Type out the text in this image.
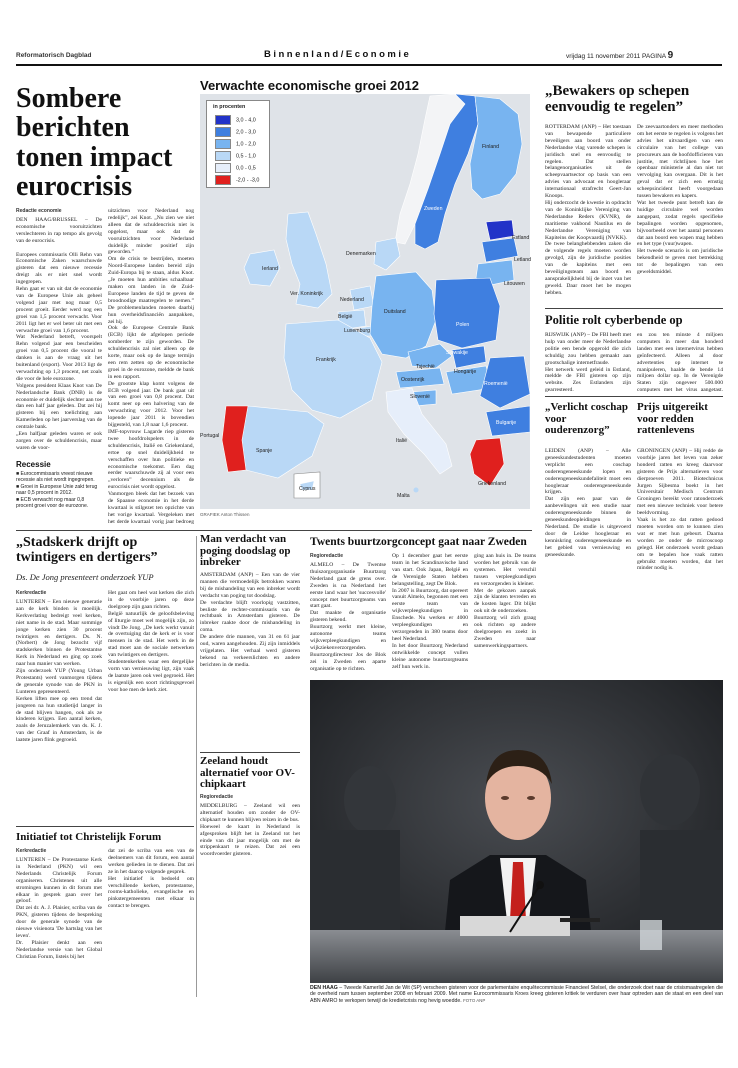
Reformatorisch Dagblad	Binnenland/Economie	vrijdag 11 november 2011 PAGINA 9
Sombere berichten tonen impact eurocrisis
Redactie economie
DEN HAAG/BRUSSEL – De economische vooruitzichten verslechteren in rap tempo als gevolg van de eurocrisis.

Europees commissaris Olli Rehn van Economische Zaken waarschuwde gisteren dat een nieuwe recessie dreigt als er niet snel wordt ingegrepen.
Rehn gaat er van uit dat de economie van de Europese Unie als geheel volgend jaar met nog maar 0,5 procent groeit. Eerder werd nog een groei van 1,5 procent verwacht. Voor 2011 ligt het er wel beter uit met een verwachte groei van 1,6 procent.
Wat Nederland betreft, voorspelt Rehn volgend jaar een bescheiden groei van 0,5 procent die vooral te danken is aan de vraag uit het buitenland (export). Voor 2013 ligt de verwachting op 1,3 procent, net zoals die voor de hele eurozone.
Volgens president Klaas Knot van De Nederlandsche Bank (DNB) is de economie er duidelijk slechter aan toe dan een half jaar geleden. Dat zei hij gisteren bij een toelichting aan Kamerleden op het jaarverslag van de centrale bank.
„Een halfjaar geleden waren er ook zorgen over de schuldencrisis, maar waren de voor-
uitzichten voor Nederland nog redelijk”, zei Knot. „Nu zien we niet alleen dat de schuldencrisis niet is opgelost, maar ook dat de vooruitzichten voor Nederland duidelijk minder positief zijn geworden.”
Om de crisis te bestrijden, moeten Noord-Europese landen bereid zijn Zuid-Europa bij te staan, aldus Knot. „Je moeten hun ambities schaalbaar maken om landen in de Zuid-Europese landen de tijd te geven de broodnodige maatregelen te nemen.” De problemenlanden moeten daarbij hun overheidsfinanciën aanpakken, zei hij.
Ook de Europese Centrale Bank (ECB) lijkt de afgelopen periode somberder te zijn geworden. De schuldencrisis zal niet alleen op de korte, maar ook op de lange termijn een rem zetten op de economische groei in de eurozone, meldde de bank in een rapport.
De grootste klap komt volgens de ECB volgend jaar. De bank gaat uit van een groei van 0,8 procent. Dat komt neer op een halvering van de verwachting voor 2012. Voor het lopende jaar 2011 is bovendien bijgesteld, van 1,8 naar 1,6 procent.
IMF-topvrouw Lagarde riep gisteren twee hoofdrolspelers in de schuldencrisis, Italië en Griekenland, ertoe op snel duidelijkheid te verschaffen over hun politieke en economische toekomst. Een dag eerder waarschuwde zij al voor een „verloren” decennium als de eurocrisis niet wordt opgelost.
Vanmorgen bleek dat het bezoek van de Spaanse economie in het derde kwartaal is stilgezet ten opzichte van het vorige kwartaal. Vergeleken met het derde kwartaal vorig jaar bedroeg
Recessie
■ Eurocommissaris vreest nieuwe recessie als niet wordt ingegrepen.
■ Groei in Europese Unie zakt terug naar 0,5 procent in 2012.
■ ECB verwacht nog maar 0,8 procent groei voor de eurozone.
Verwachte economische groei 2012
in procenten
3,0 - 4,0
2,0 - 3,0
1,0 - 2,0
0,5 - 1,0
0,0 - 0,5
-2,0 - -3,0
Finland
Zweden
Estland
Letland
Denemarken
Litouwen
Ierland
Ver. Koninkrijk
Nederland
Duitsland
Polen
België
Luxemburg
Tsjechië
Slowakije
Frankrijk
Oostenrijk
Hongarije
Slovenië
Roemenië
Portugal
Spanje
Italië
Bulgarije
Griekenland
Cyprus
Malta
GRAFIEK Anton Thissen
„Bewakers op schepen eenvoudig te regelen”
ROTTERDAM (ANP) – Het toestaan van bewapende particuliere beveiligers aan boord van onder Nederlandse vlag varende schepen is juridisch snel en eenvoudig te regelen. Dat stellen belangenorganisaties uit de scheepvaartsector op basis van een advies van advocaat en hoogleraar internationaal strafrecht Geert-Jan Knoops.
Hij onderzocht de kwestie in opdracht van de Koninklijke Vereniging van Nederlandse Reders (KVNR), de maritieme vakbond Nautilus en de Nederlandse Vereniging van Kapiteins der Koopvaardij (NVKK).
De twee belanghebbenden zaken die de volgende regels moeten worden gevolgd, zijn de juridische posities van de kapiteins met een beveiligingsteam aan boord en aansprakelijkheid bij de inzet van het geweld. Daar moet het be mogen hebben.
De zeevaartonders en meer methoden om het eerste te regelen is volgens het advies het uitvaardigen van een circulaire van het college van procureurs aan de hoofdofficieren van justitie, met richtlijnen hoe het openbaar ministerie al dan niet tot vervolging kan overgaan. Dit is het geval dat er zich een ernstig scheepsincident heeft voorgedaan tussen bewakers en kapers.
Wat het tweede punt betreft kan de huidige circulaire wel worden aangepast, zodat regels specifieke bepalingen worden opgenomen, bijvoorbeeld over het aantal personen dat aan boord een wapen mag hebben en het type (vuur)wapen.
Het tweede scenario is om juridische bekendheid te geven met betrekking tot de bepalingen van een geweldsmiddel.
Politie rolt cyberbende op
RIJSWIJK (ANP) – De FBI heeft met hulp van onder meer de Nederlandse politie een bende opgerold die zich schuldig zou hebben gemaakt aan grootschalige internetfraude.
Het netwerk werd geleid in Estland, meldde de FBI gisteren op zijn website. Zes Estlanders zijn gearresteerd.

en zou ten minste 4 miljoen computers in meer dan honderd landen met een internetvirus hebben geïnfecteerd. Alleen al door advertenties op internet te manipuleren, haalde de bende 14 miljoen dollar op. In de Verenigde Staten zijn ongeveer 500.000 computers met het virus aangetast.
„Verlicht coschap voor ouderenzorg”
LEIDEN (ANP) – Alle geneeskundestudenten moeten verplicht een coschap ouderengeneeskunde lopen en ouderengeneeskundefaliteit moet een hoogleraar ouderengeneeskunde krijgen.
Dat zijn een paar van de aanbevelingen uit een studie naar ouderengeneeskunde binnen de geneeskundeopleidingen in Nederland. De studie is uitgevoerd door de Leidse hoogleraar en kenniskring ouderengeneeskunde en het gebied van vernieuwing en geneeskunde.
Prijs uitgereikt voor redden rattenlevens
GRONINGEN (ANP) – Hij redde de voorbije jaren het leven van zeker honderd ratten en kreeg daarvoor gisteren de Prijs alternatieven voor dierproeven 2011. Biotechnicus Jurgen Sijbesma boekt in het Universitair Medisch Centrum Groningen bereikt voor ratonderzoek met een nieuwe techniek voor betere beeldvorming.
Vaak is het zo dat ratten gedood moeten worden om te kunnen zien wat er met hun gebeurt. Daarna worden ze onder de microscoop gelegd. Het onderzoek wordt gedaan om te bepalen hoe vaak ratten gebruikt moeten worden, dat het minder nodig is.
„Stadskerk drijft op twintigers en dertigers”
Ds. De Jong presenteert onderzoek YUP
Kerkredactie
LUNTEREN – Een nieuwe generatie aan de kerk binden is moeilijk. Kerkverlating bedreigt veel kerken, niet name in de stad. Maar sommige jonge kerken zien 30 procent twintigers en dertigers. Ds. N. (Norbert) de Jong bezocht vijf stadskerken binnen de Protestantse Kerk in Nederland en ging op zoek naar hun manier van werken.
Zijn onderzoek YUP (Young Urban Protestants) werd vanmorgen tijdens de generale synode van de PKN in Lunteren gepresenteerd.
Kerken liften mee op een trend dat jongeren na hun studietijd langer in de stad blijven hangen, ook als ze kinderen krijgen. Een aantal kerken, zoals de Jeruzalemkerk van ds. K. J. van der Graaf in Amsterdam, is de laatste jaren flink gegroeid.
Het gaat om heel wat kerken die zich in de voorbije jaren op deze doelgroep zijn gaan richten.
België natuurlijk de geloofsbeleving of liturgie moet wel mogelijk zijn, zo vindt De Jong. „De kerk werkt vanuit de overtuiging dat de kerk er is voor mensen in de stad. Het werk in de stad moet aan de sociale netwerken van twintigers en dertigers.
Studentenkerken waar een dergelijke vorm van vernieuwing ligt, zijn vaak de laatste jaren ook veel gegroeid. Het is eigenlijk een soort richtingsgevoel voor hoe men de kerk ziet.
Initiatief tot Christelijk Forum
Kerkredactie
LUNTEREN – De Protestantse Kerk in Nederland (PKN) wil een Nederlands Christelijk Forum organiseren. Christenen uit alle stromingen kunnen in dit forum met elkaar in gesprek gaan over het geloof.
Dat zei dr. A. J. Plaisier, scriba van de PKN, gisteren tijdens de bespreking door de generale synode van de nieuwe visienota 'De hartslag van het leven'.
Dr. Plaisier denkt aan een Nederlandse versie van het Global Christian Forum, listeis bij het
dat zei de scriba van een van de deelnemers van dit forum, een aantal werken gelieden in te dienen. Dat zei ze in het daarop volgende gesprek.
Het initiatief is bedoeld om verschillende kerken, protestantse, rooms-katholieke, evangelische en pinkstergemeenten met elkaar in contact te brengen.
Man verdacht van poging doodslag op inbreker
AMSTERDAM (ANP) – Een van de vier mannen die vermoedelijk betrokken waren bij de mishandeling van een inbreker wordt verdacht van poging tot doodslag.
De verdachte blijft voorlopig vastzitten, besliste de rechter-commissaris van de rechtbank in Amsterdam gisteren. De inbreker raakte door de mishandeling in coma.
De andere drie mannen, van 31 en 61 jaar oud, waren aangehouden. Zij zijn inmiddels vrijgelaten. Het verhaal werd gisteren bekend na verkeerslichten en andere berichten in de media.
Zeeland houdt alternatief voor OV-chipkaart
Regioredactie
MIDDELBURG – Zeeland wil een alternatief houden om zonder de OV-chipkaart te kunnen blijven reizen in de bus.
Hoeweel de kaart in Nederland is afgesproken blijft het in Zeeland tot het einde van dit jaar mogelijk om met de strippenkaart te reizen. Dat zei een woordvoerder gisteren.
Twents buurtzorgconcept gaat naar Zweden
Regioredactie
ALMELO – De Twentse thuiszorgorganisatie Buurtzorg Nederland gaat de grens over. Zweden is na Nederland het eerste land waar het 'succesvolle' concept met buurtzorgteams van start gaat.
Dat maakte de organisatie gisteren bekend.
Buurtzorg werkt met kleine, autonome teams wijkverpleegkundigen en wijkziekenverzorgenden.
Buurtzorgdirecteur Jos de Blok zei in Zweden een aparte organisatie op te richten.
Op 1 december gaat het eerste team in het Scandinavische land van start. Ook Japan, België en de Verenigde Staten hebben belangstelling, zegt De Blok.
In 2007 is Buurtzorg, dat opereert vanuit Almelo, begonnen met een eerste team van wijkverpleegkundigen in Enschede. Nu werken er 4000 verpleegkundigen en verzorgenden in 380 teams door heel Nederland.
In het door Buurtzorg Nederland ontwikkelde concept vullen kleine autonome buurtzorgteams zelf hun werk in.
ging aan huis in. De teams worden het gebruik van de systemen. Het verschil tussen verpleegkundigen en verzorgenden is kleiner.
Met de gekozen aanpak zijn de klanten tevreden en de kosten lager. Dit blijkt ook uit de onderzoeken.
Buurtzorg wil zich graag ook richten op andere doelgroepen en zoekt in Zweden naar samenwerkingspartners.
DEN HAAG – Tweede Kamerlid Jan de Wit (SP) verscheen gisteren voor de parlementaire enquêtecommissie Financieel Stelsel, die onderzoek doet naar de crisismaatregelen die de overheid nam tussen september 2008 en februari 2009. Met name Eurocommissaris Kroes kreeg gisteren kritiek te verduren over haar optreden aan de staat en een deel van ABN AMRO te verkopen terwijl de kredietcrisis nog hevig woedde. FOTO ANP
